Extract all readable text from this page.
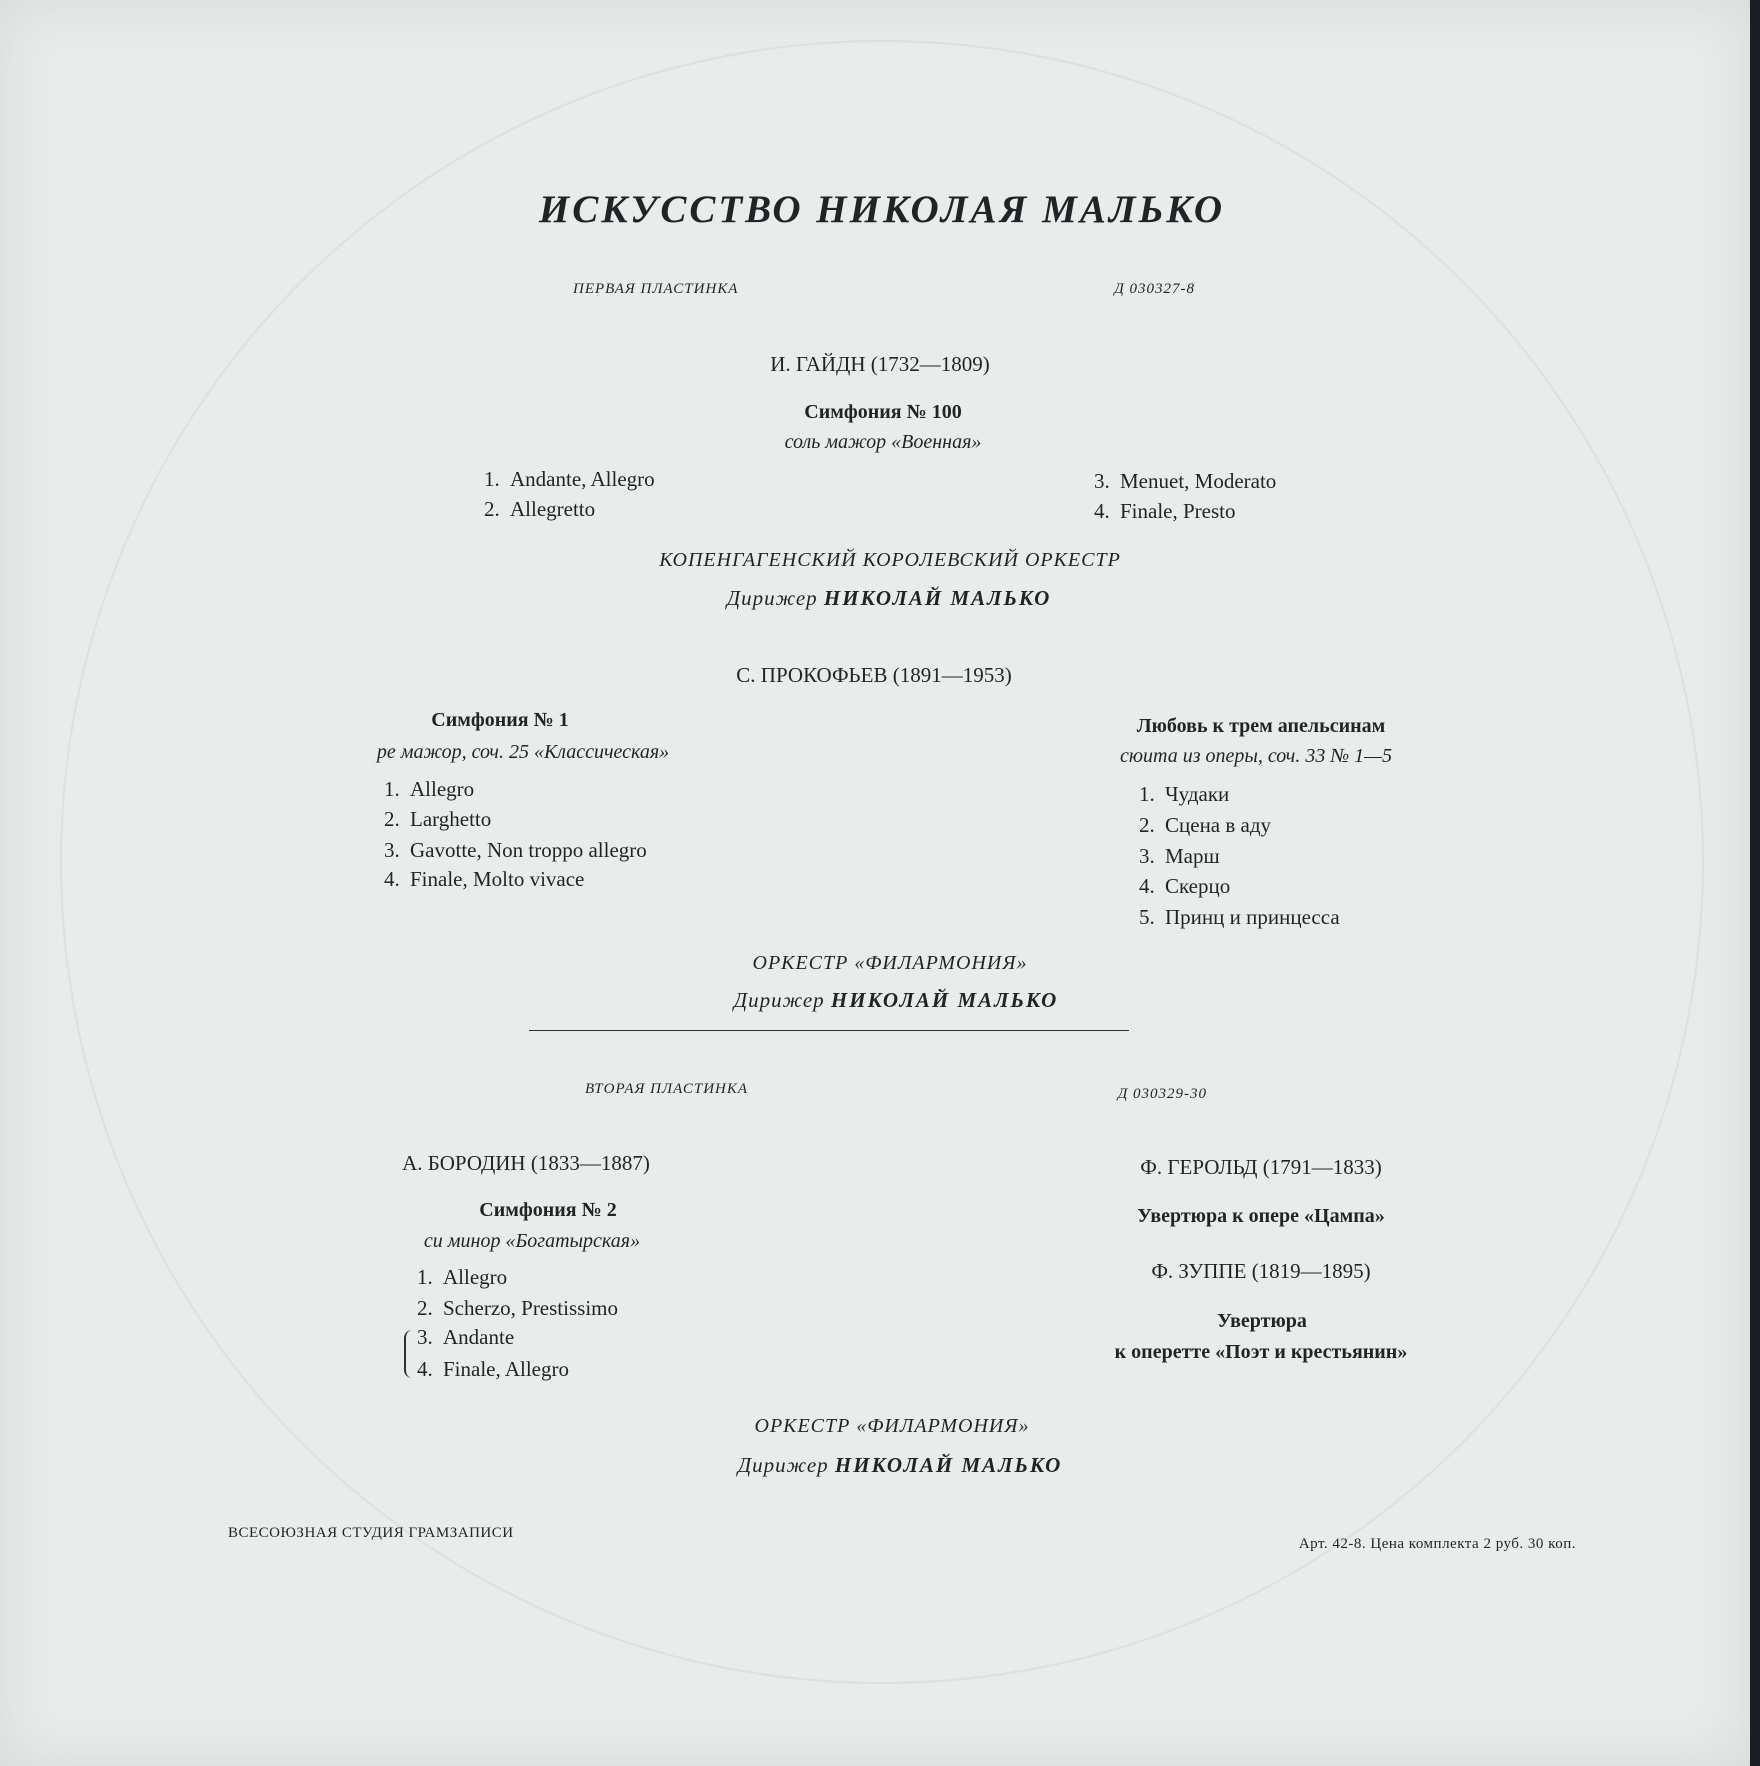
ИСКУССТВО НИКОЛАЯ МАЛЬКО
ПЕРВАЯ ПЛАСТИНКА	Д 030327-8
И. ГАЙДН (1732—1809)
Симфония № 100
соль мажор «Военная»
1. Andante, Allegro
2. Allegretto
3. Menuet, Moderato
4. Finale, Presto
КОПЕНГАГЕНСКИЙ КОРОЛЕВСКИЙ ОРКЕСТР
Дирижер НИКОЛАЙ МАЛЬКО
С. ПРОКОФЬЕВ (1891—1953)
Симфония № 1
ре мажор, соч. 25 «Классическая»
1. Allegro
2. Larghetto
3. Gavotte, Non troppo allegro
4. Finale, Molto vivace
Любовь к трем апельсинам
сюита из оперы, соч. 33 № 1—5
1. Чудаки
2. Сцена в аду
3. Марш
4. Скерцо
5. Принц и принцесса
ОРКЕСТР «ФИЛАРМОНИЯ»
Дирижер НИКОЛАЙ МАЛЬКО
ВТОРАЯ ПЛАСТИНКА	Д 030329-30
А. БОРОДИН (1833—1887)
Симфония № 2
си минор «Богатырская»
1. Allegro
2. Scherzo, Prestissimo
3. Andante
4. Finale, Allegro
Ф. ГЕРОЛЬД (1791—1833)
Увертюра к опере «Цампа»
Ф. ЗУППЕ (1819—1895)
Увертюра
к оперетте «Поэт и крестьянин»
ОРКЕСТР «ФИЛАРМОНИЯ»
Дирижер НИКОЛАЙ МАЛЬКО
ВСЕСОЮЗНАЯ СТУДИЯ ГРАМЗАПИСИ
Арт. 42-8. Цена комплекта 2 руб. 30 коп.
